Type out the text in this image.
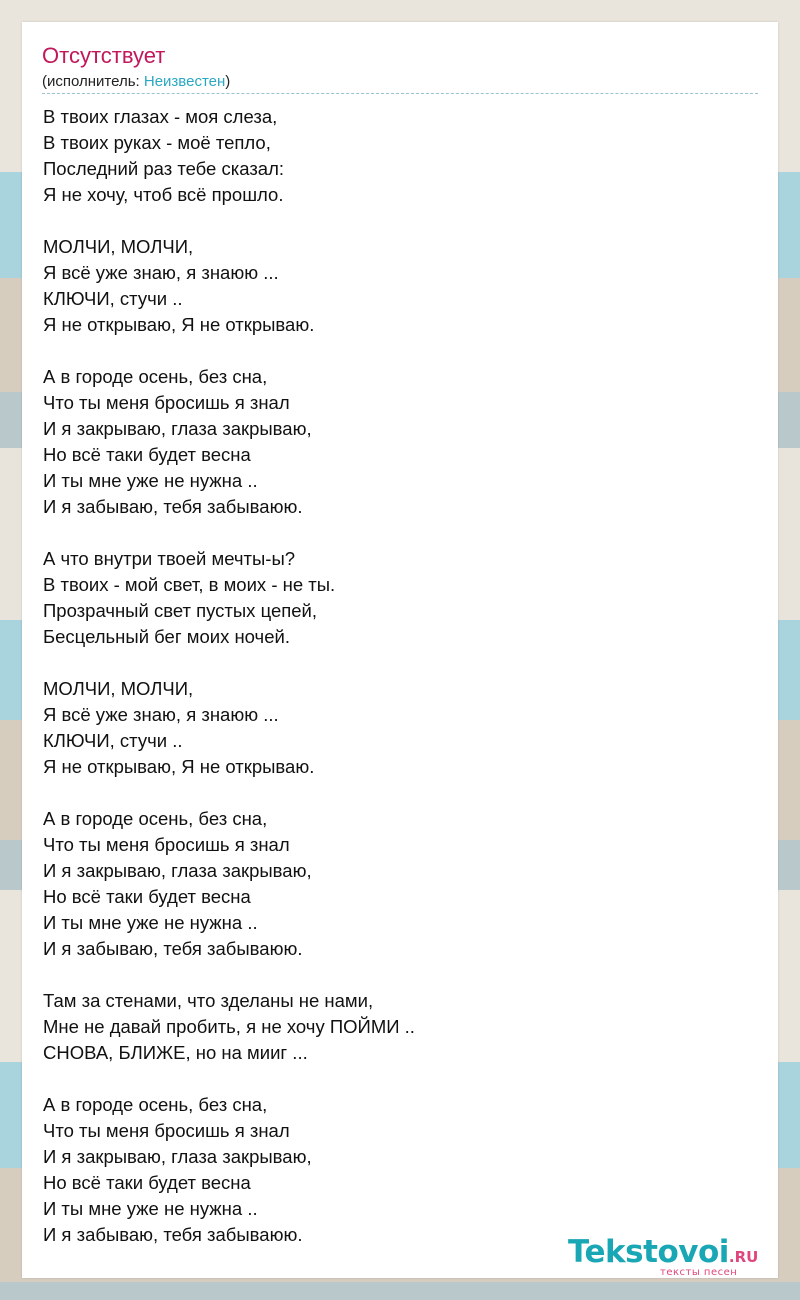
Отсутствует
(исполнитель: Неизвестен)
В твоих глазах - моя слеза,
В твоих руках - моё тепло,
Последний раз тебе сказал:
Я не хочу, чтоб всё прошло.
МОЛЧИ, МОЛЧИ,
Я всё уже знаю, я знаюю ...
КЛЮЧИ, стучи ..
Я не открываю, Я не открываю.
А в городе осень, без сна,
Что ты меня бросишь я знал
И я закрываю, глаза закрываю,
Но всё таки будет весна
И ты мне уже не нужна ..
И я забываю, тебя забываюю.
А что внутри твоей мечты-ы?
В твоих - мой свет, в моих - не ты.
Прозрачный свет пустых цепей,
Бесцельный бег моих ночей.
МОЛЧИ, МОЛЧИ,
Я всё уже знаю, я знаюю ...
КЛЮЧИ, стучи ..
Я не открываю, Я не открываю.
А в городе осень, без сна,
Что ты меня бросишь я знал
И я закрываю, глаза закрываю,
Но всё таки будет весна
И ты мне уже не нужна ..
И я забываю, тебя забываюю.
Там за стенами, что зделаны не нами,
Мне не давай пробить, я не хочу ПОЙМИ ..
СНОВА, БЛИЖЕ, но на мииг ...
А в городе осень, без сна,
Что ты меня бросишь я знал
И я закрываю, глаза закрываю,
Но всё таки будет весна
И ты мне уже не нужна ..
И я забываю, тебя забываюю.	Tekstovoi.RU
тексты песен
